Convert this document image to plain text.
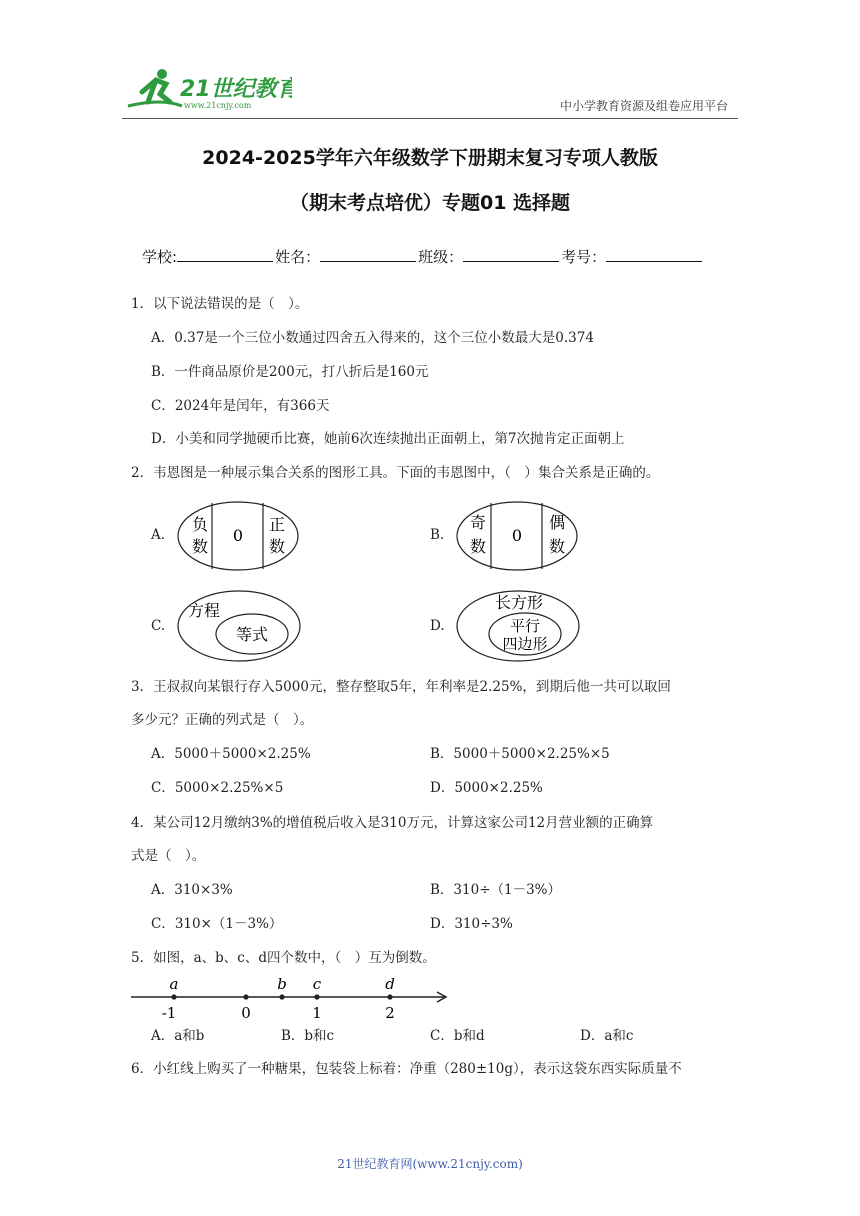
21世纪教育
www.21cnjy.com	中小学教育资源及组卷应用平台
2024-2025学年六年级数学下册期末复习专项人教版
（期末考点培优）专题01 选择题
学校:	姓名：	班级：	考号：
1．以下说法错误的是（　）。
A．0.37是一个三位小数通过四舍五入得来的，这个三位小数最大是0.374
B．一件商品原价是200元，打八折后是160元
C．2024年是闰年，有366天
D．小美和同学抛硬币比赛，她前6次连续抛出正面朝上，第7次抛肯定正面朝上
2．韦恩图是一种展示集合关系的图形工具。下面的韦恩图中，（　）集合关系是正确的。
A.
负
数
0
正
数
B.
奇
数
0
偶
数
C.
方程
等式	D.
长方形
平行
四边形
3．王叔叔向某银行存入5000元，整存整取5年，年利率是2.25%，到期后他一共可以取回
多少元？正确的列式是（　）。
A．5000＋5000×2.25%	B．5000＋5000×2.25%×5
C．5000×2.25%×5	D．5000×2.25%
4．某公司12月缴纳3%的增值税后收入是310万元，计算这家公司12月营业额的正确算
式是（　）。
A．310×3%	B．310÷（1－3%）
C．310×（1－3%）	D．310÷3%
5．如图，a、b、c、d四个数中，（　）互为倒数。
a	b c	d
-1	0	1	2
A．a和b	B．b和c	C．b和d	D．a和c
6．小红线上购买了一种糖果，包装袋上标着：净重（280±10g），表示这袋东西实际质量不
21世纪教育网(www.21cnjy.com)
